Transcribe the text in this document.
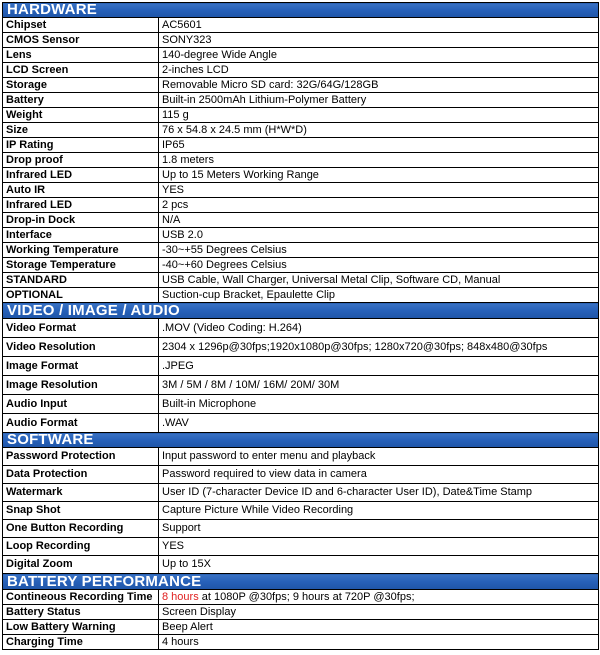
HARDWARE	
Chipset	AC5601
CMOS Sensor	SONY323
Lens	140-degree Wide Angle
LCD Screen	2-inches LCD
Storage	Removable Micro SD card: 32G/64G/128GB
Battery	Built-in 2500mAh Lithium-Polymer Battery
Weight	115 g
Size	76 x 54.8 x 24.5 mm (H*W*D)
IP Rating	IP65
Drop proof	1.8 meters
Infrared LED	Up to 15 Meters Working Range
Auto IR	YES
Infrared LED	2 pcs
Drop-in Dock	N/A
Interface	USB 2.0
Working Temperature	-30~+55 Degrees Celsius
Storage Temperature	-40~+60 Degrees Celsius
STANDARD	USB Cable, Wall Charger, Universal Metal Clip, Software CD, Manual
OPTIONAL	Suction-cup Bracket, Epaulette Clip
VIDEO / IMAGE / AUDIO	
Video Format	.MOV (Video Coding: H.264)
Video Resolution	2304 x 1296p@30fps;1920x1080p@30fps; 1280x720@30fps; 848x480@30fps
Image Format	.JPEG
Image Resolution	3M / 5M / 8M / 10M/ 16M/ 20M/ 30M
Audio Input	Built-in Microphone
Audio Format	.WAV
SOFTWARE	
Password Protection	Input password to enter menu and playback
Data Protection	Password required to view data in camera
Watermark	User ID (7-character Device ID and 6-character User ID), Date&Time Stamp
Snap Shot	Capture Picture While Video Recording
One Button Recording	Support
Loop Recording	YES
Digital Zoom	Up to 15X
BATTERY PERFORMANCE	
Contineous Recording Time	8 hours at 1080P @30fps; 9 hours at 720P @30fps;
Battery Status	Screen Display
Low Battery Warning	Beep Alert
Charging Time	4 hours
